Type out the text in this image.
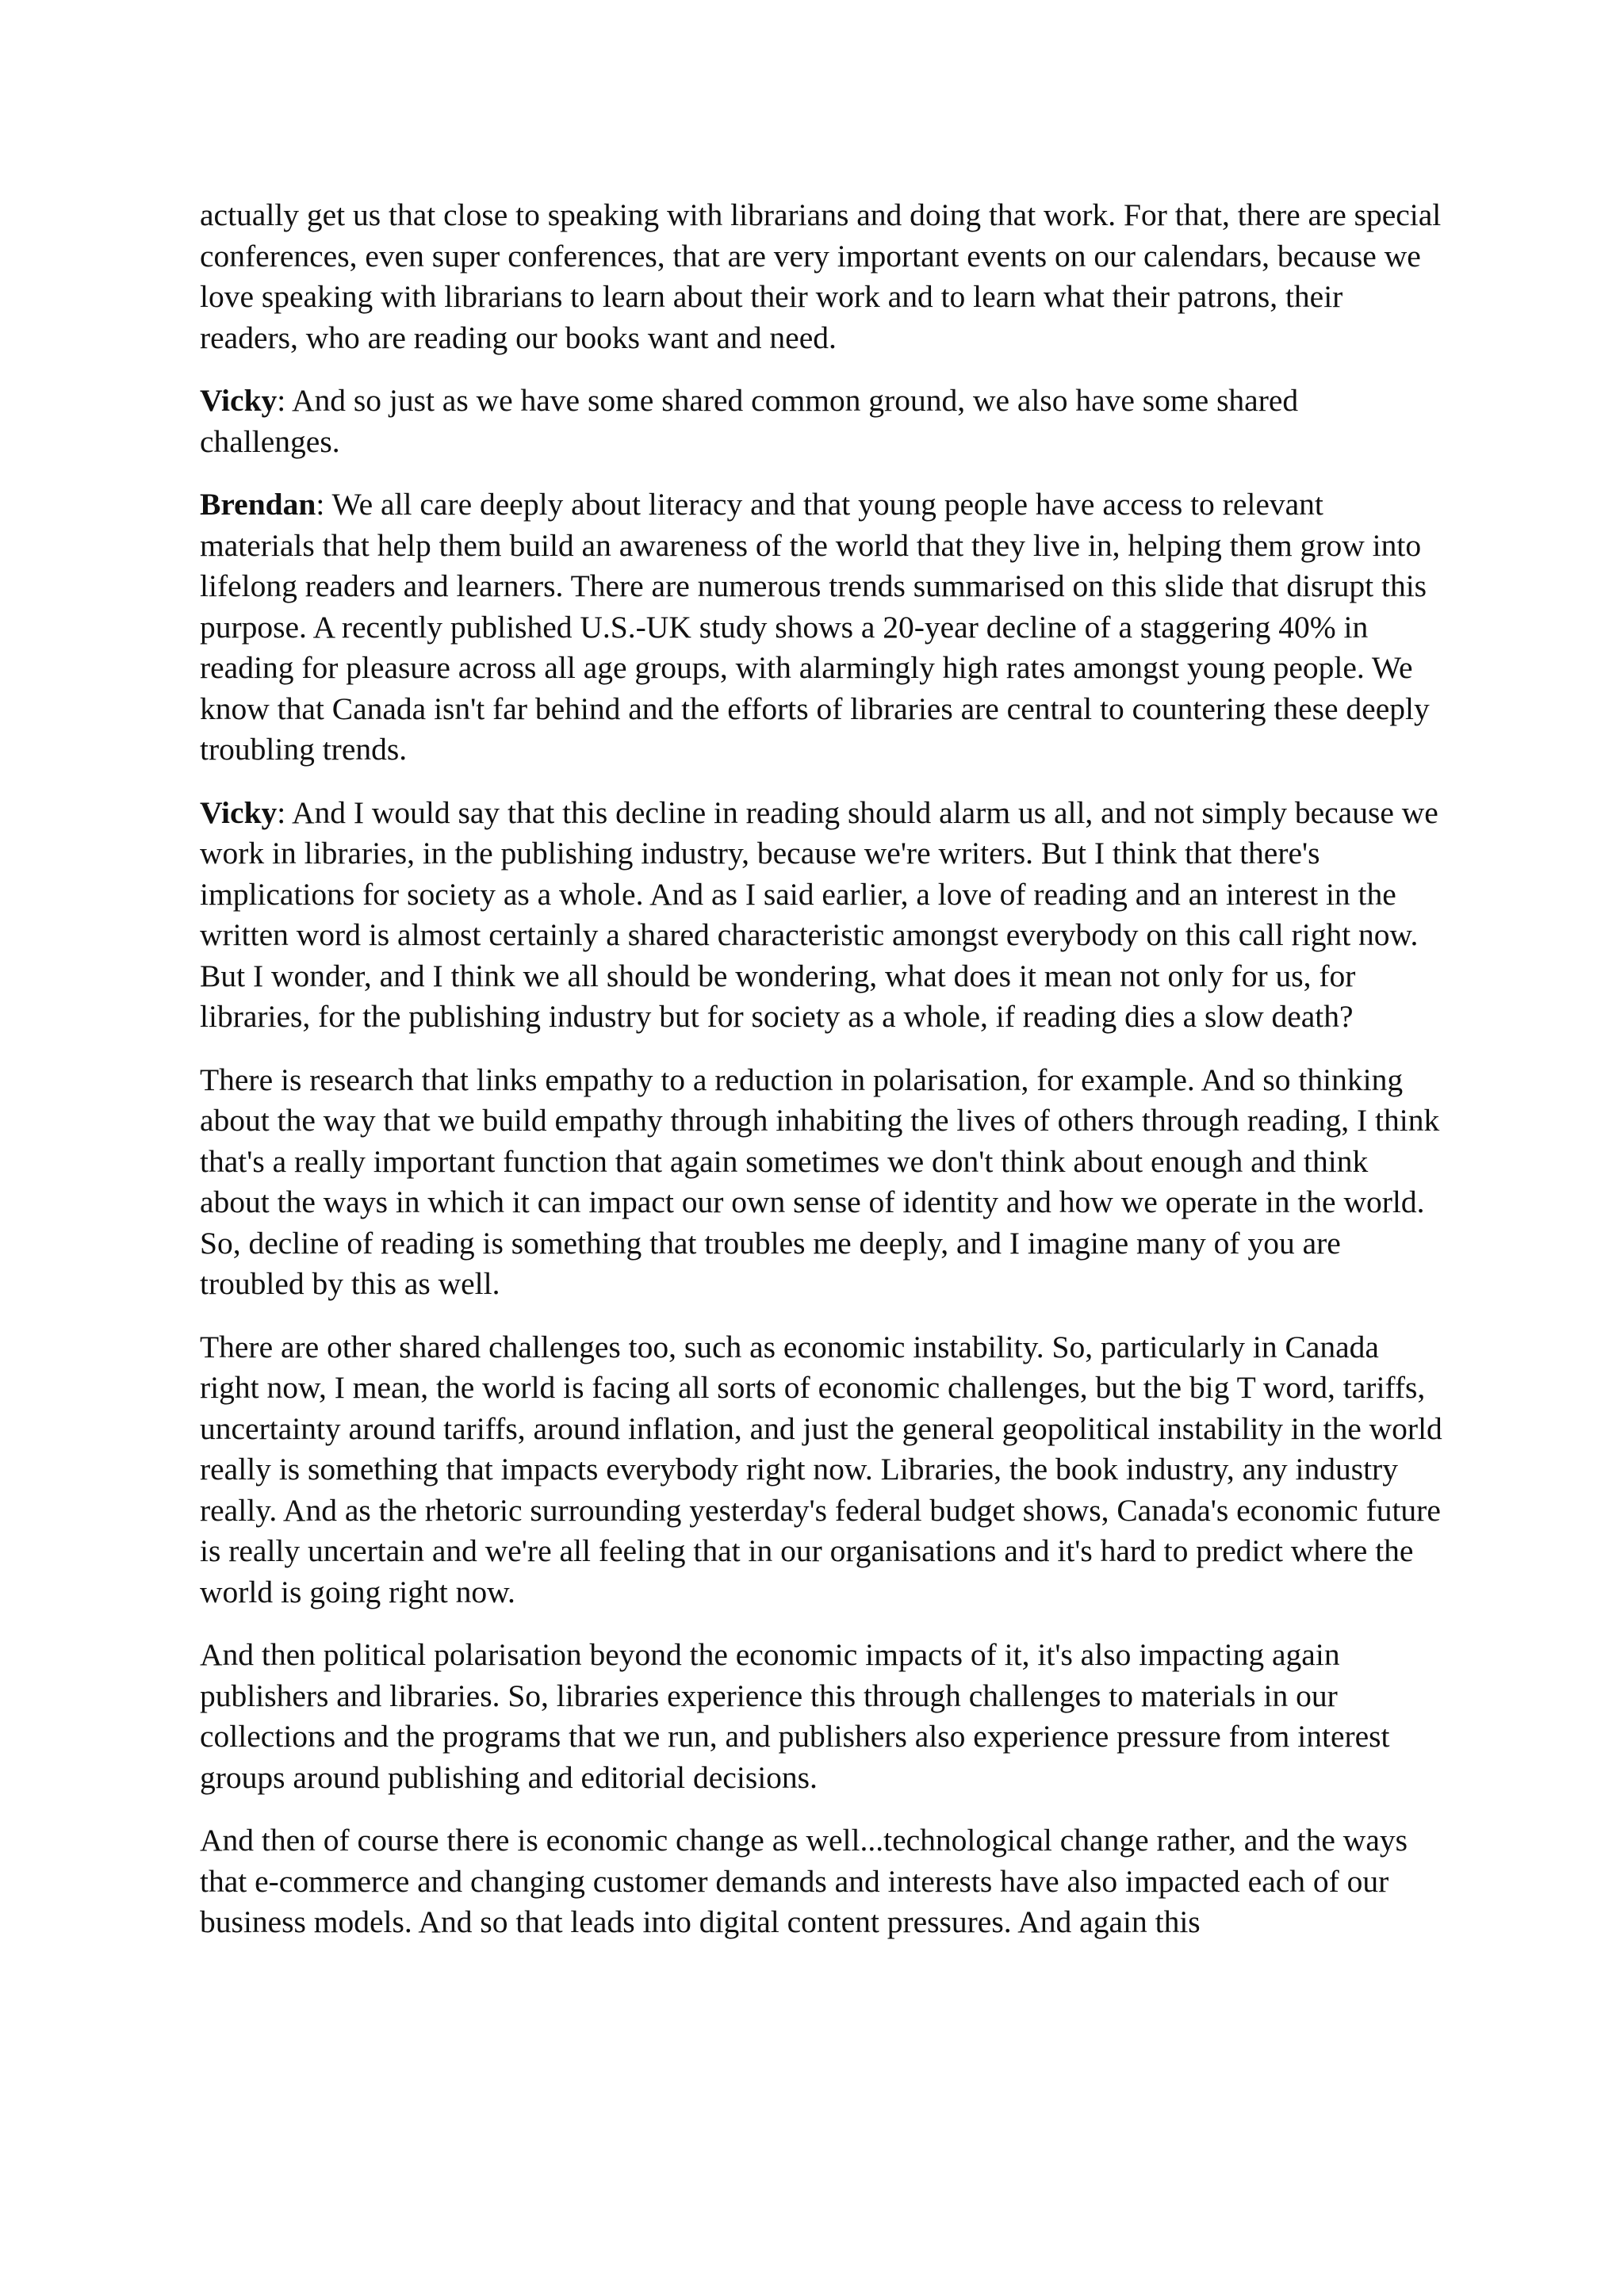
actually get us that close to speaking with librarians and doing that work. For that, there are special conferences, even super conferences, that are very important events on our calendars, because we love speaking with librarians to learn about their work and to learn what their patrons, their readers, who are reading our books want and need.

Vicky: And so just as we have some shared common ground, we also have some shared challenges.

Brendan: We all care deeply about literacy and that young people have access to relevant materials that help them build an awareness of the world that they live in, helping them grow into lifelong readers and learners. There are numerous trends summarised on this slide that disrupt this purpose. A recently published U.S.-UK study shows a 20-year decline of a staggering 40% in reading for pleasure across all age groups, with alarmingly high rates amongst young people. We know that Canada isn't far behind and the efforts of libraries are central to countering these deeply troubling trends.

Vicky: And I would say that this decline in reading should alarm us all, and not simply because we work in libraries, in the publishing industry, because we're writers. But I think that there's implications for society as a whole. And as I said earlier, a love of reading and an interest in the written word is almost certainly a shared characteristic amongst everybody on this call right now. But I wonder, and I think we all should be wondering, what does it mean not only for us, for libraries, for the publishing industry but for society as a whole, if reading dies a slow death?

There is research that links empathy to a reduction in polarisation, for example. And so thinking about the way that we build empathy through inhabiting the lives of others through reading, I think that's a really important function that again sometimes we don't think about enough and think about the ways in which it can impact our own sense of identity and how we operate in the world. So, decline of reading is something that troubles me deeply, and I imagine many of you are troubled by this as well.

There are other shared challenges too, such as economic instability. So, particularly in Canada right now, I mean, the world is facing all sorts of economic challenges, but the big T word, tariffs, uncertainty around tariffs, around inflation, and just the general geopolitical instability in the world really is something that impacts everybody right now. Libraries, the book industry, any industry really. And as the rhetoric surrounding yesterday's federal budget shows, Canada's economic future is really uncertain and we're all feeling that in our organisations and it's hard to predict where the world is going right now.

And then political polarisation beyond the economic impacts of it, it's also impacting again publishers and libraries. So, libraries experience this through challenges to materials in our collections and the programs that we run, and publishers also experience pressure from interest groups around publishing and editorial decisions.

And then of course there is economic change as well...technological change rather, and the ways that e-commerce and changing customer demands and interests have also impacted each of our business models. And so that leads into digital content pressures. And again this
